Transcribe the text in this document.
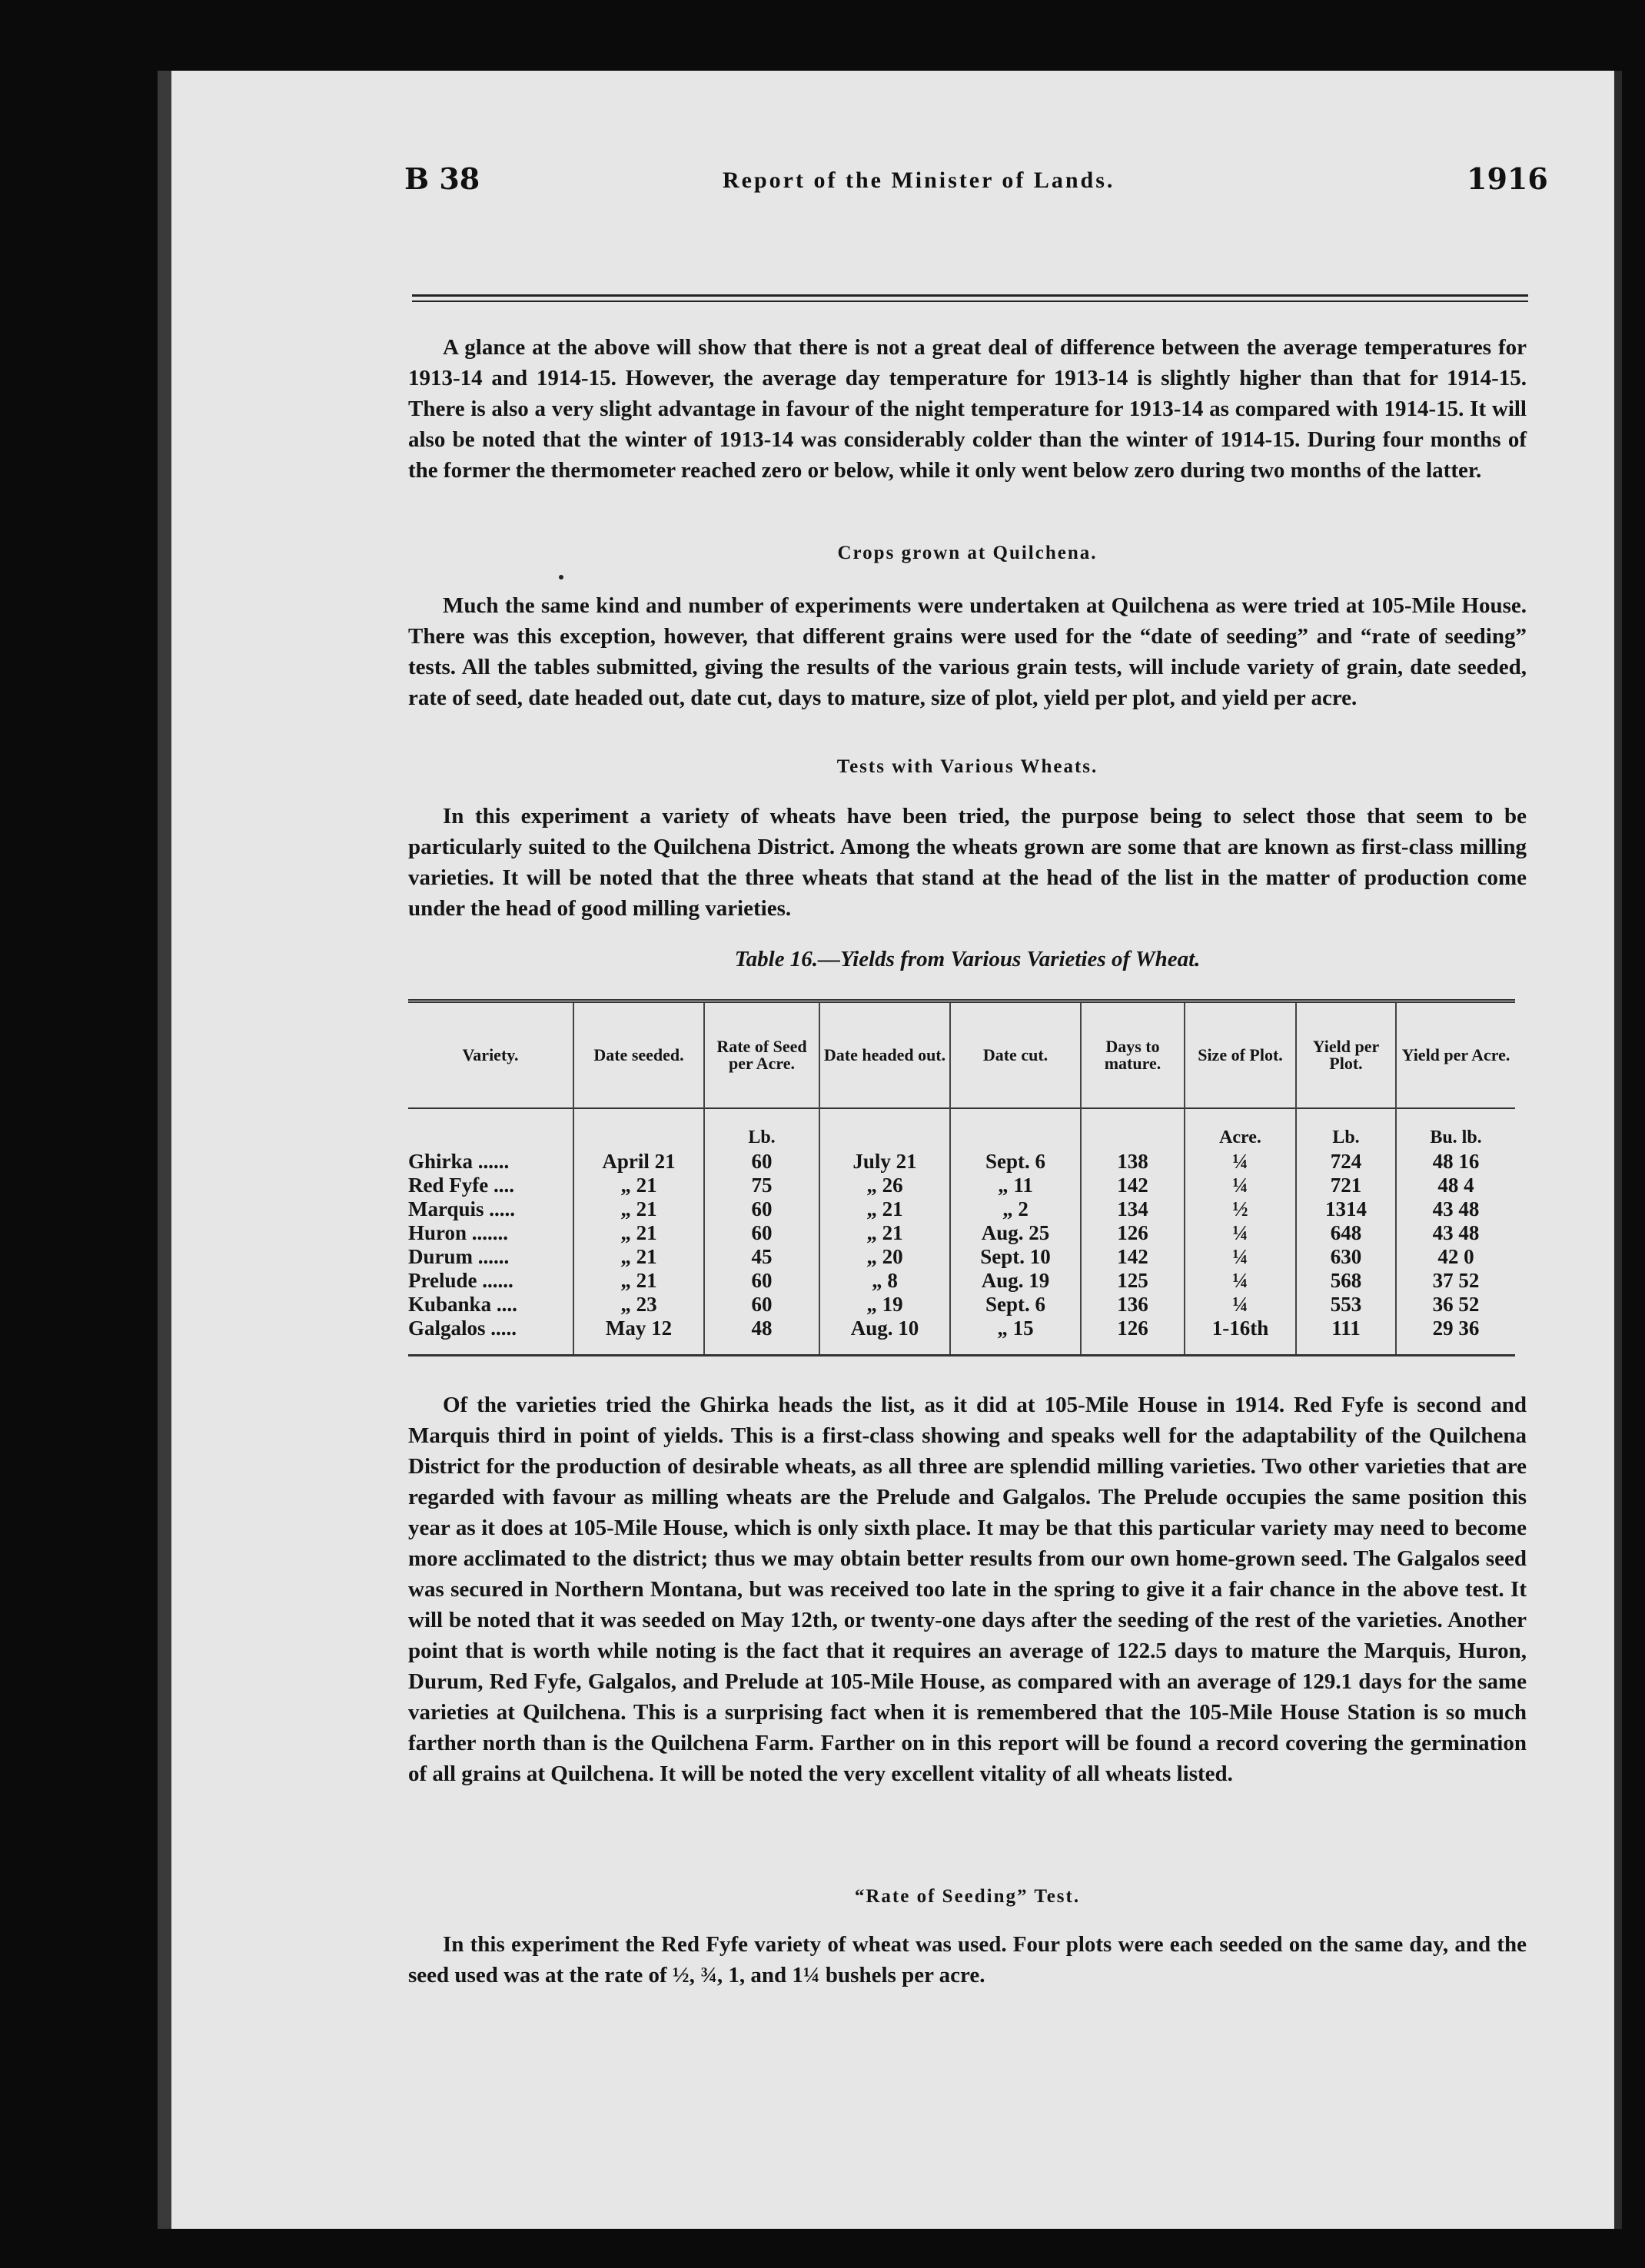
B 38	Report of the Minister of Lands.	1916

A glance at the above will show that there is not a great deal of difference between the average temperatures for 1913-14 and 1914-15. However, the average day temperature for 1913-14 is slightly higher than that for 1914-15. There is also a very slight advantage in favour of the night temperature for 1913-14 as compared with 1914-15. It will also be noted that the winter of 1913-14 was considerably colder than the winter of 1914-15. During four months of the former the thermometer reached zero or below, while it only went below zero during two months of the latter.

Crops grown at Quilchena.

Much the same kind and number of experiments were undertaken at Quilchena as were tried at 105-Mile House. There was this exception, however, that different grains were used for the “date of seeding” and “rate of seeding” tests. All the tables submitted, giving the results of the various grain tests, will include variety of grain, date seeded, rate of seed, date headed out, date cut, days to mature, size of plot, yield per plot, and yield per acre.

Tests with Various Wheats.

In this experiment a variety of wheats have been tried, the purpose being to select those that seem to be particularly suited to the Quilchena District. Among the wheats grown are some that are known as first-class milling varieties. It will be noted that the three wheats that stand at the head of the list in the matter of production come under the head of good milling varieties.

Table 16.—Yields from Various Varieties of Wheat.
Variety.	Date seeded.	Rate of Seed per Acre.	Date headed out.	Date cut.	Days to mature.	Size of Plot.	Yield per Plot.	Yield per Acre.
		Lb.				Acre.	Lb.	Bu. lb.
Ghirka ......	April 21	60	July 21	Sept. 6	138	¼	724	48 16
Red Fyfe ....	„ 21	75	„ 26	„ 11	142	¼	721	48 4
Marquis .....	„ 21	60	„ 21	„ 2	134	½	1314	43 48
Huron .......	„ 21	60	„ 21	Aug. 25	126	¼	648	43 48
Durum ......	„ 21	45	„ 20	Sept. 10	142	¼	630	42 0
Prelude ......	„ 21	60	„ 8	Aug. 19	125	¼	568	37 52
Kubanka ....	„ 23	60	„ 19	Sept. 6	136	¼	553	36 52
Galgalos .....	May 12	48	Aug. 10	„ 15	126	1-16th	111	29 36

Of the varieties tried the Ghirka heads the list, as it did at 105-Mile House in 1914. Red Fyfe is second and Marquis third in point of yields. This is a first-class showing and speaks well for the adaptability of the Quilchena District for the production of desirable wheats, as all three are splendid milling varieties. Two other varieties that are regarded with favour as milling wheats are the Prelude and Galgalos. The Prelude occupies the same position this year as it does at 105-Mile House, which is only sixth place. It may be that this particular variety may need to become more acclimated to the district; thus we may obtain better results from our own home-grown seed. The Galgalos seed was secured in Northern Montana, but was received too late in the spring to give it a fair chance in the above test. It will be noted that it was seeded on May 12th, or twenty-one days after the seeding of the rest of the varieties. Another point that is worth while noting is the fact that it requires an average of 122.5 days to mature the Marquis, Huron, Durum, Red Fyfe, Galgalos, and Prelude at 105-Mile House, as compared with an average of 129.1 days for the same varieties at Quilchena. This is a surprising fact when it is remembered that the 105-Mile House Station is so much farther north than is the Quilchena Farm. Farther on in this report will be found a record covering the germination of all grains at Quilchena. It will be noted the very excellent vitality of all wheats listed.

“Rate of Seeding” Test.

In this experiment the Red Fyfe variety of wheat was used. Four plots were each seeded on the same day, and the seed used was at the rate of ½, ¾, 1, and 1¼ bushels per acre.
